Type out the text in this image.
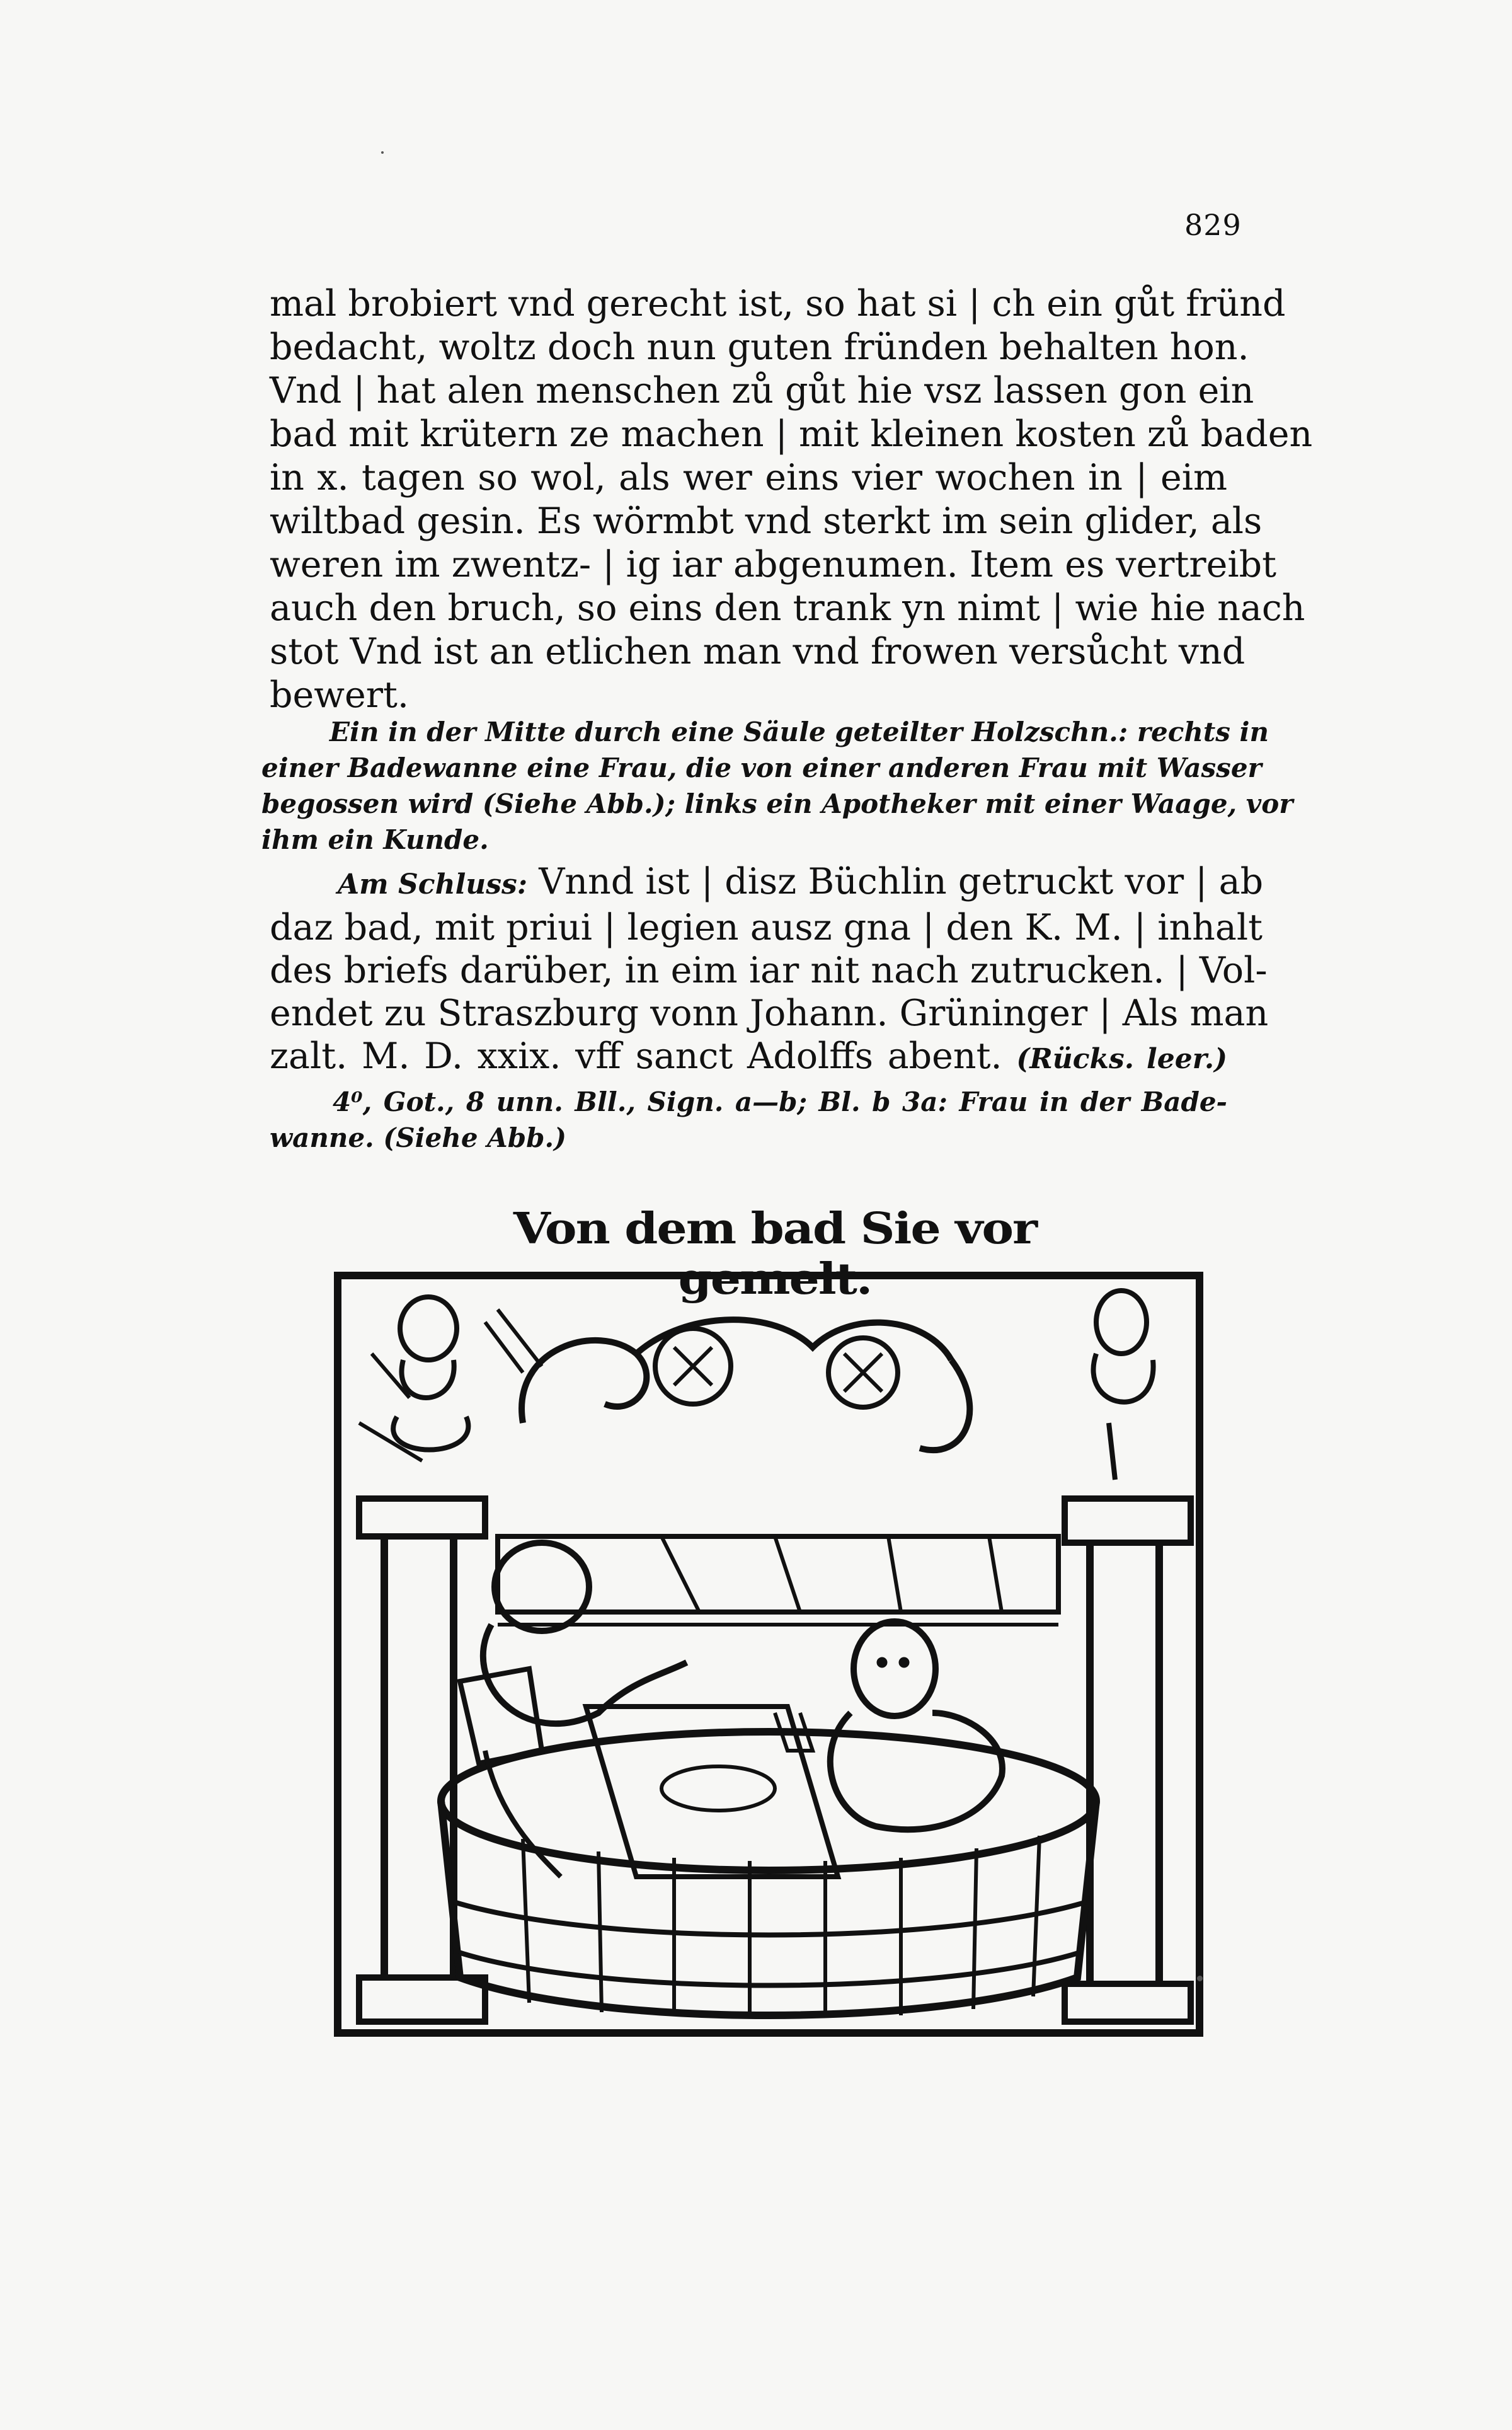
829
mal brobiert vnd gerecht ist, so hat si | ch ein gůt fründ
bedacht, woltz doch nun guten fründen behalten hon.
Vnd | hat alen menschen zů gůt hie vsz lassen gon ein
bad mit krütern ze machen | mit kleinen kosten zů baden
in x. tagen so wol, als wer eins vier wochen in | eim
wiltbad gesin. Es wörmbt vnd sterkt im sein glider, als
weren im zwentz- | ig iar abgenumen. Item es vertreibt
auch den bruch, so eins den trank yn nimt | wie hie nach
stot Vnd ist an etlichen man vnd frowen versůcht vnd
bewert.
Ein in der Mitte durch eine Säule geteilter Holzschn.: rechts in
einer Badewanne eine Frau, die von einer anderen Frau mit Wasser
begossen wird (Siehe Abb.); links ein Apotheker mit einer Waage, vor
ihm ein Kunde.
Am Schluss: Vnnd ist | disz Büchlin getruckt vor | ab
daz bad, mit priui | legien ausz gna | den K. M. | inhalt
des briefs darüber, in eim iar nit nach zutrucken. | Vol-
endet zu Straszburg vonn Johann. Grüninger | Als man
zalt. M. D. xxix. vff sanct Adolffs abent. (Rücks. leer.)
4⁰, Got., 8 unn. Bll., Sign. a—b; Bl. b 3a: Frau in der Bade-
wanne. (Siehe Abb.)
Von dem bad Sie vor gemelt.
